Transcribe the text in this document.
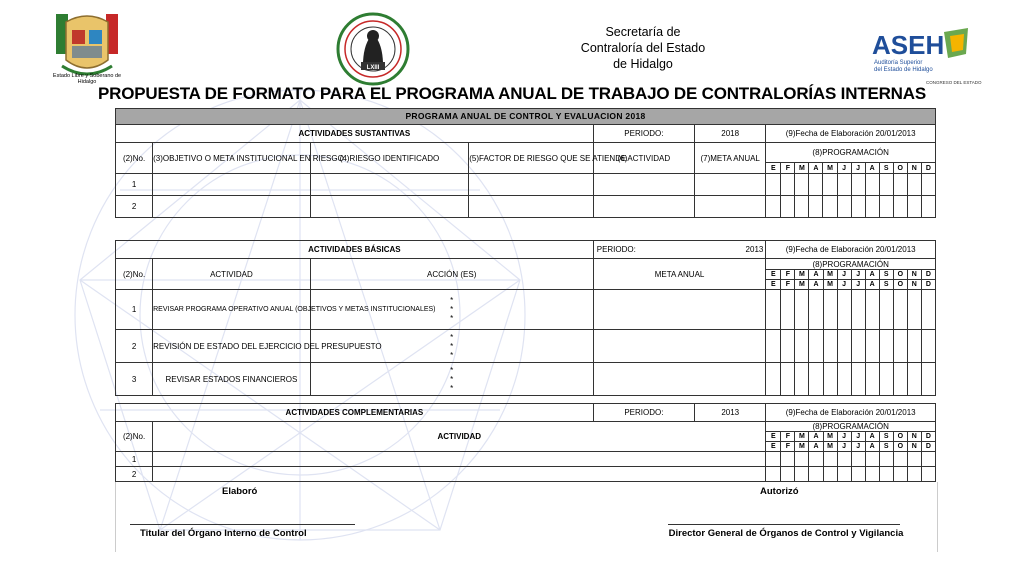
Estado Libre y Soberano de Hidalgo
LXIII
Secretaría de
Contraloría del Estado
de Hidalgo
ASEH
Auditoría Superior
del Estado de Hidalgo
CONGRESO DEL ESTADO
PROPUESTA DE FORMATO PARA EL PROGRAMA ANUAL DE TRABAJO DE CONTRALORÍAS INTERNAS
PROGRAMA ANUAL DE CONTROL Y EVALUACION 2018																	
ACTIVIDADES SUSTANTIVAS				PERIODO:	2018	(9)Fecha de Elaboración 20/01/2013											
(2)No.	(3)OBJETIVO O META INSTITUCIONAL EN RIESGO	(4)RIESGO IDENTIFICADO	(5)FACTOR DE RIESGO QUE SE ATIENDE	(6)ACTIVIDAD	(7)META ANUAL	(8)PROGRAMACIÓN											
						E	F	M	A	M	J	J	A	S	O	N	D
1																	
2																	
ACTIVIDADES BÁSICAS			PERIODO: 2013	(9)Fecha de Elaboración 20/01/2013											
(2)No.	ACTIVIDAD	ACCIÓN (ES)	META ANUAL	(8)PROGRAMACIÓN											
				E	F	M	A	M	J	J	A	S	O	N	D
				E	F	M	A	M	J	J	A	S	O	N	D
1	REVISAR PROGRAMA OPERATIVO ANUAL (OBJETIVOS Y METAS INSTITUCIONALES)	*
*
*													
2	REVISIÓN DE ESTADO DEL EJERCICIO DEL PRESUPUESTO	*
*
*													
3	REVISAR ESTADOS FINANCIEROS	*
*
*													
ACTIVIDADES COMPLEMENTARIAS		PERIODO:	2013	(9)Fecha de Elaboración 20/01/2013											
(2)No.	ACTIVIDAD			(8)PROGRAMACIÓN											
				E	F	M	A	M	J	J	A	S	O	N	D
				E	F	M	A	M	J	J	A	S	O	N	D
1															
2															
Elaboró	Autorizó
Titular del Órgano Interno de Control	Director General de Órganos de Control y Vigilancia
